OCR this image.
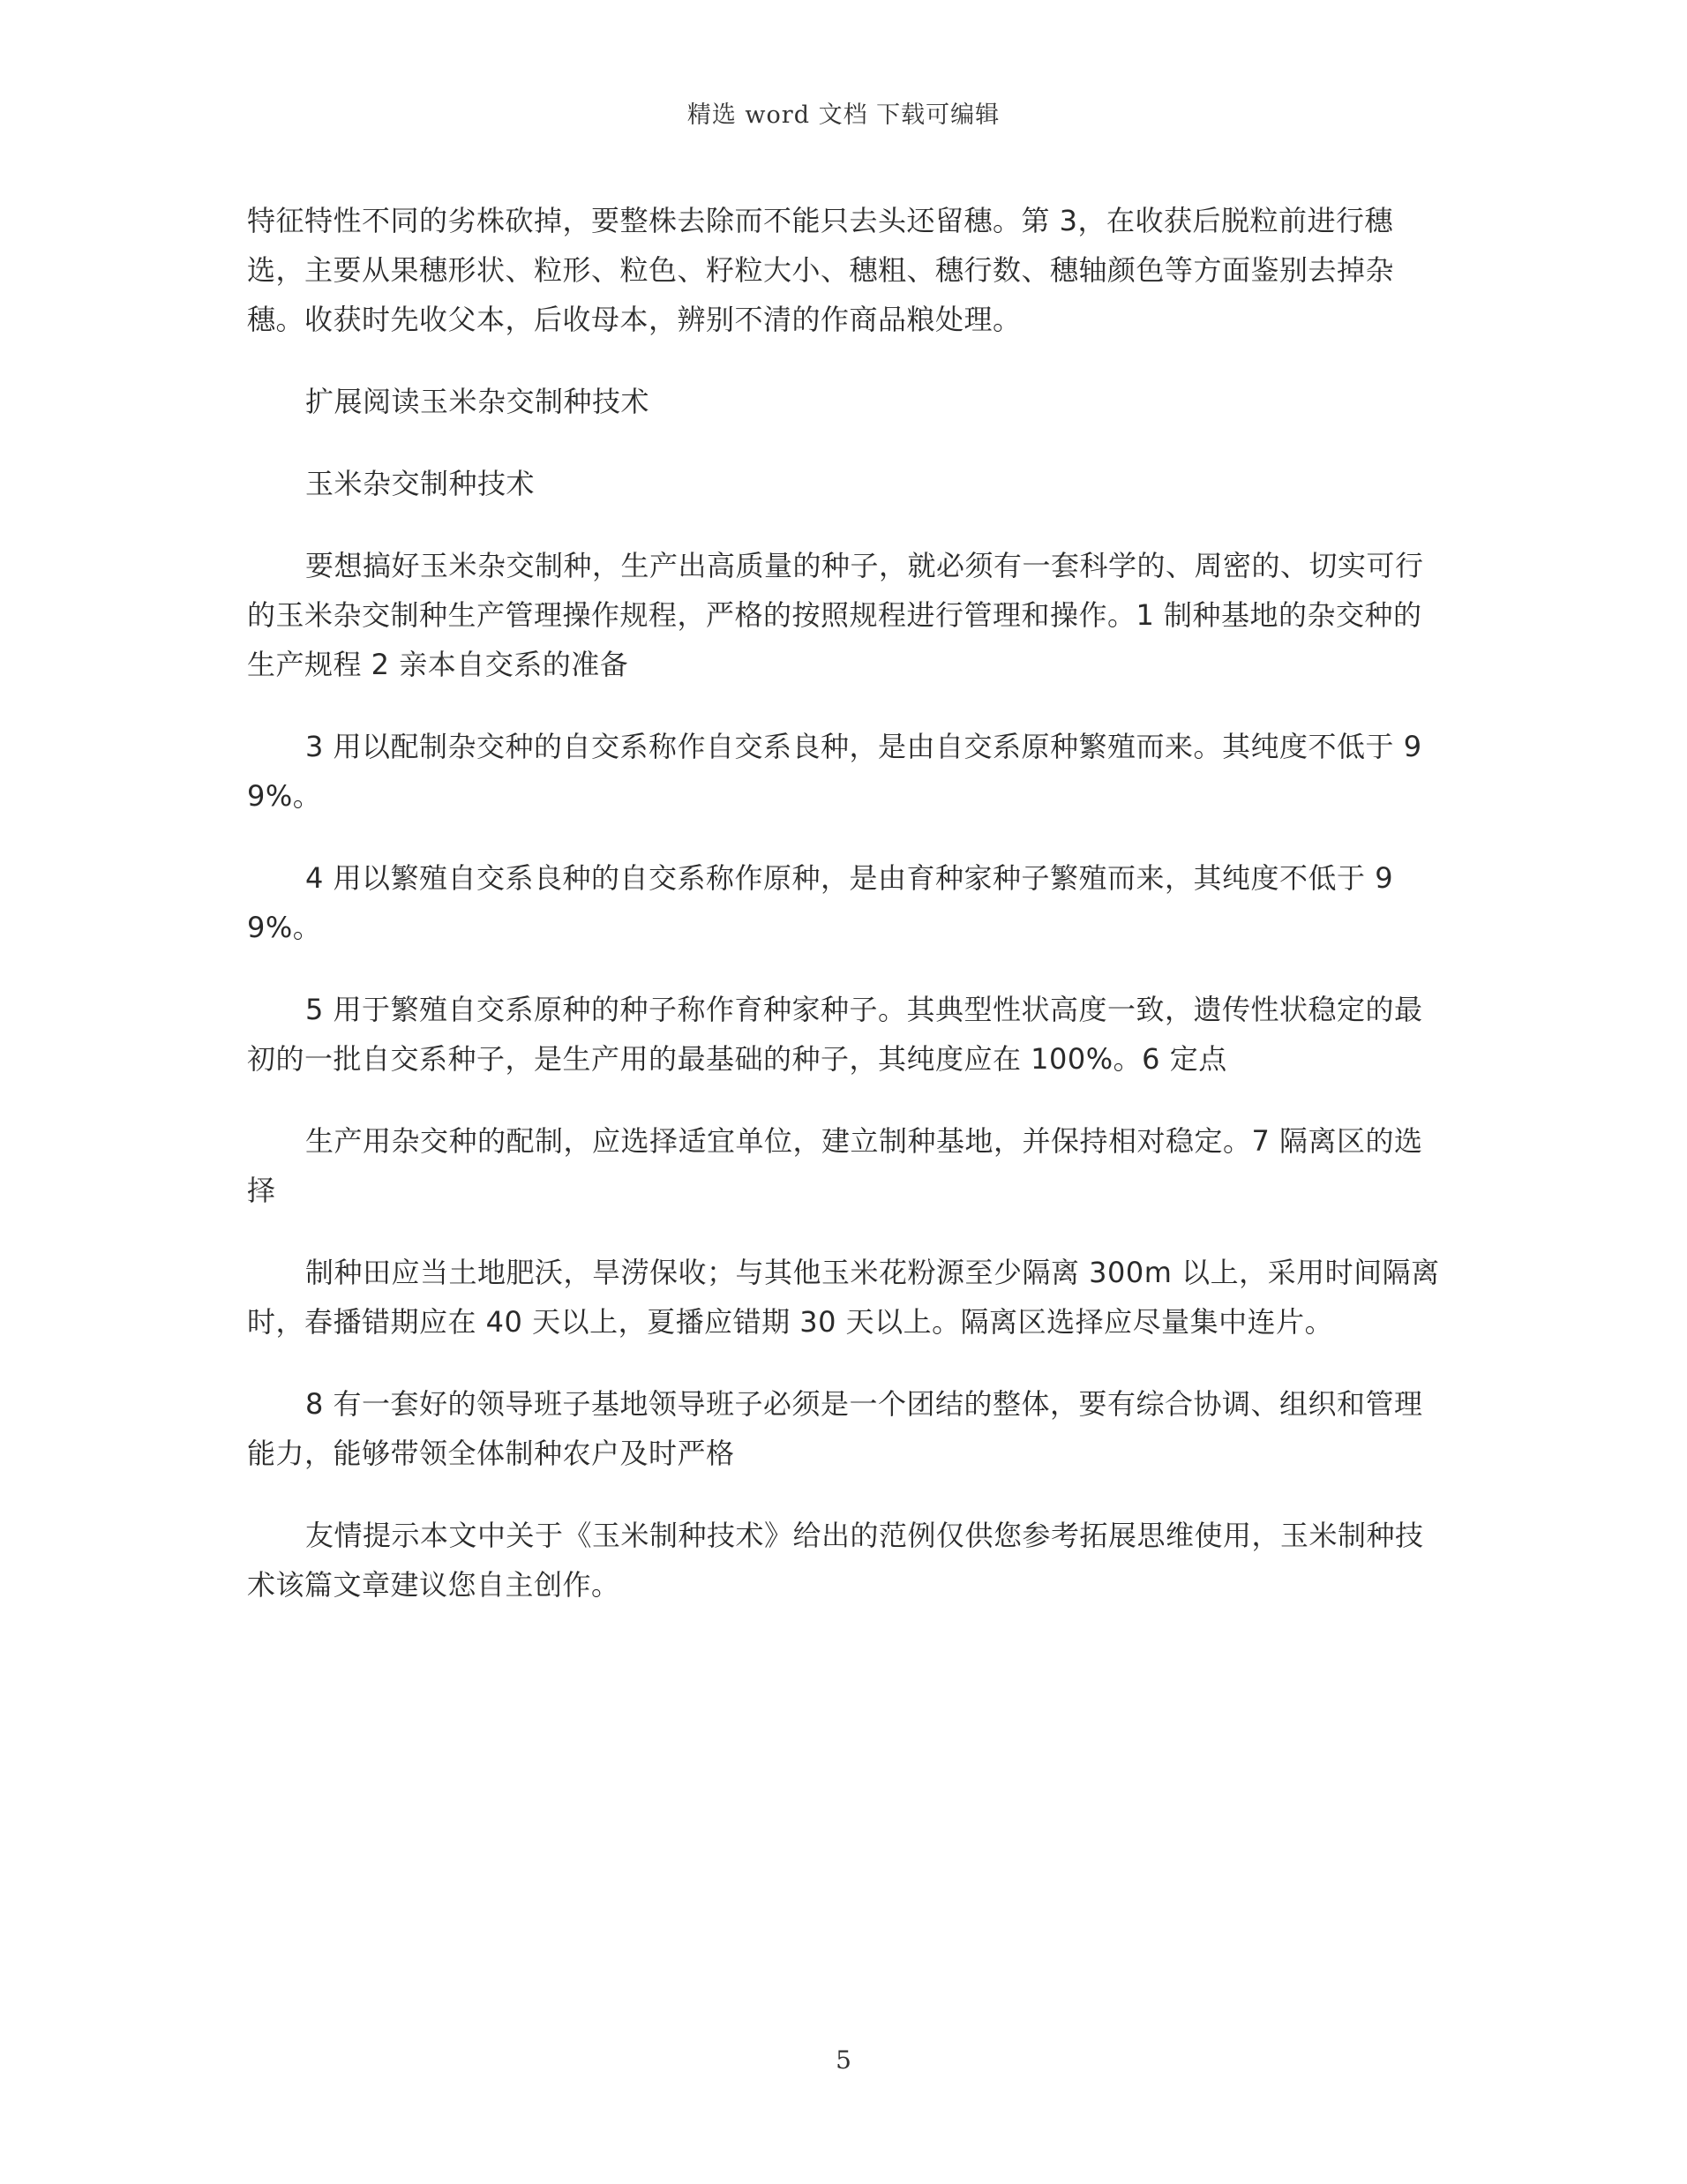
精选 word 文档 下载可编辑

特征特性不同的劣株砍掉，要整株去除而不能只去头还留穗。第 3，在收获后脱粒前进行穗选，主要从果穗形状、粒形、粒色、籽粒大小、穗粗、穗行数、穗轴颜色等方面鉴别去掉杂穗。收获时先收父本，后收母本，辨别不清的作商品粮处理。

扩展阅读玉米杂交制种技术

玉米杂交制种技术

要想搞好玉米杂交制种，生产出高质量的种子，就必须有一套科学的、周密的、切实可行的玉米杂交制种生产管理操作规程，严格的按照规程进行管理和操作。1 制种基地的杂交种的生产规程 2 亲本自交系的准备

3 用以配制杂交种的自交系称作自交系良种，是由自交系原种繁殖而来。其纯度不低于 99%。

4 用以繁殖自交系良种的自交系称作原种，是由育种家种子繁殖而来，其纯度不低于 99%。

5 用于繁殖自交系原种的种子称作育种家种子。其典型性状高度一致，遗传性状稳定的最初的一批自交系种子，是生产用的最基础的种子，其纯度应在 100%。6 定点

生产用杂交种的配制，应选择适宜单位，建立制种基地，并保持相对稳定。7 隔离区的选择

制种田应当土地肥沃，旱涝保收；与其他玉米花粉源至少隔离 300m 以上，采用时间隔离时，春播错期应在 40 天以上，夏播应错期 30 天以上。隔离区选择应尽量集中连片。

8 有一套好的领导班子基地领导班子必须是一个团结的整体，要有综合协调、组织和管理能力，能够带领全体制种农户及时严格

友情提示本文中关于《玉米制种技术》给出的范例仅供您参考拓展思维使用，玉米制种技术该篇文章建议您自主创作。

5
